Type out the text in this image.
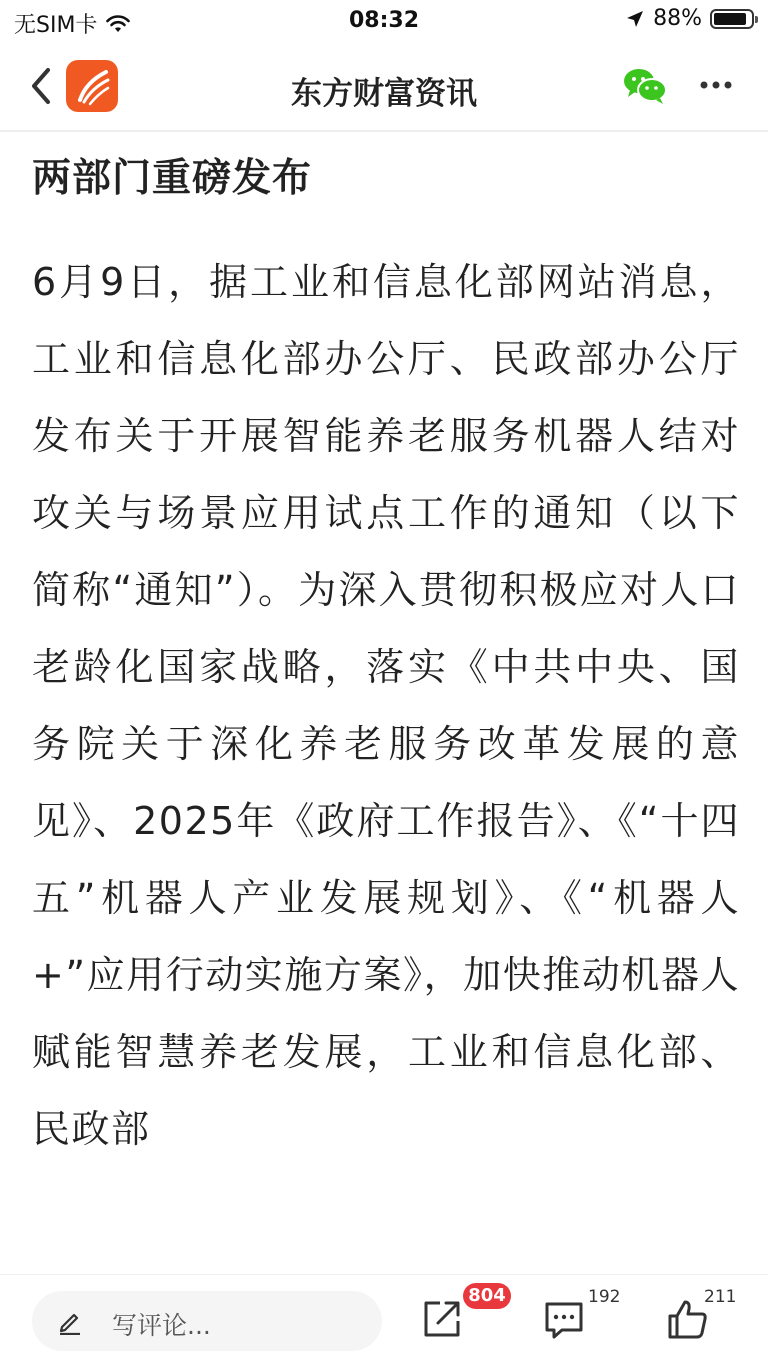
无SIM卡	08:32	88%
东方财富资讯
两部门重磅发布

6月9日，据工业和信息化部网站消息，工业和信息化部办公厅、民政部办公厅发布关于开展智能养老服务机器人结对攻关与场景应用试点工作的通知（以下简称“通知”）。为深入贯彻积极应对人口老龄化国家战略，落实《中共中央、国务院关于深化养老服务改革发展的意见》、2025年《政府工作报告》、《“十四五”机器人产业发展规划》、《“机器人+”应用行动实施方案》，加快推动机器人赋能智慧养老发展，工业和信息化部、民政部

写评论...
804	192	211
